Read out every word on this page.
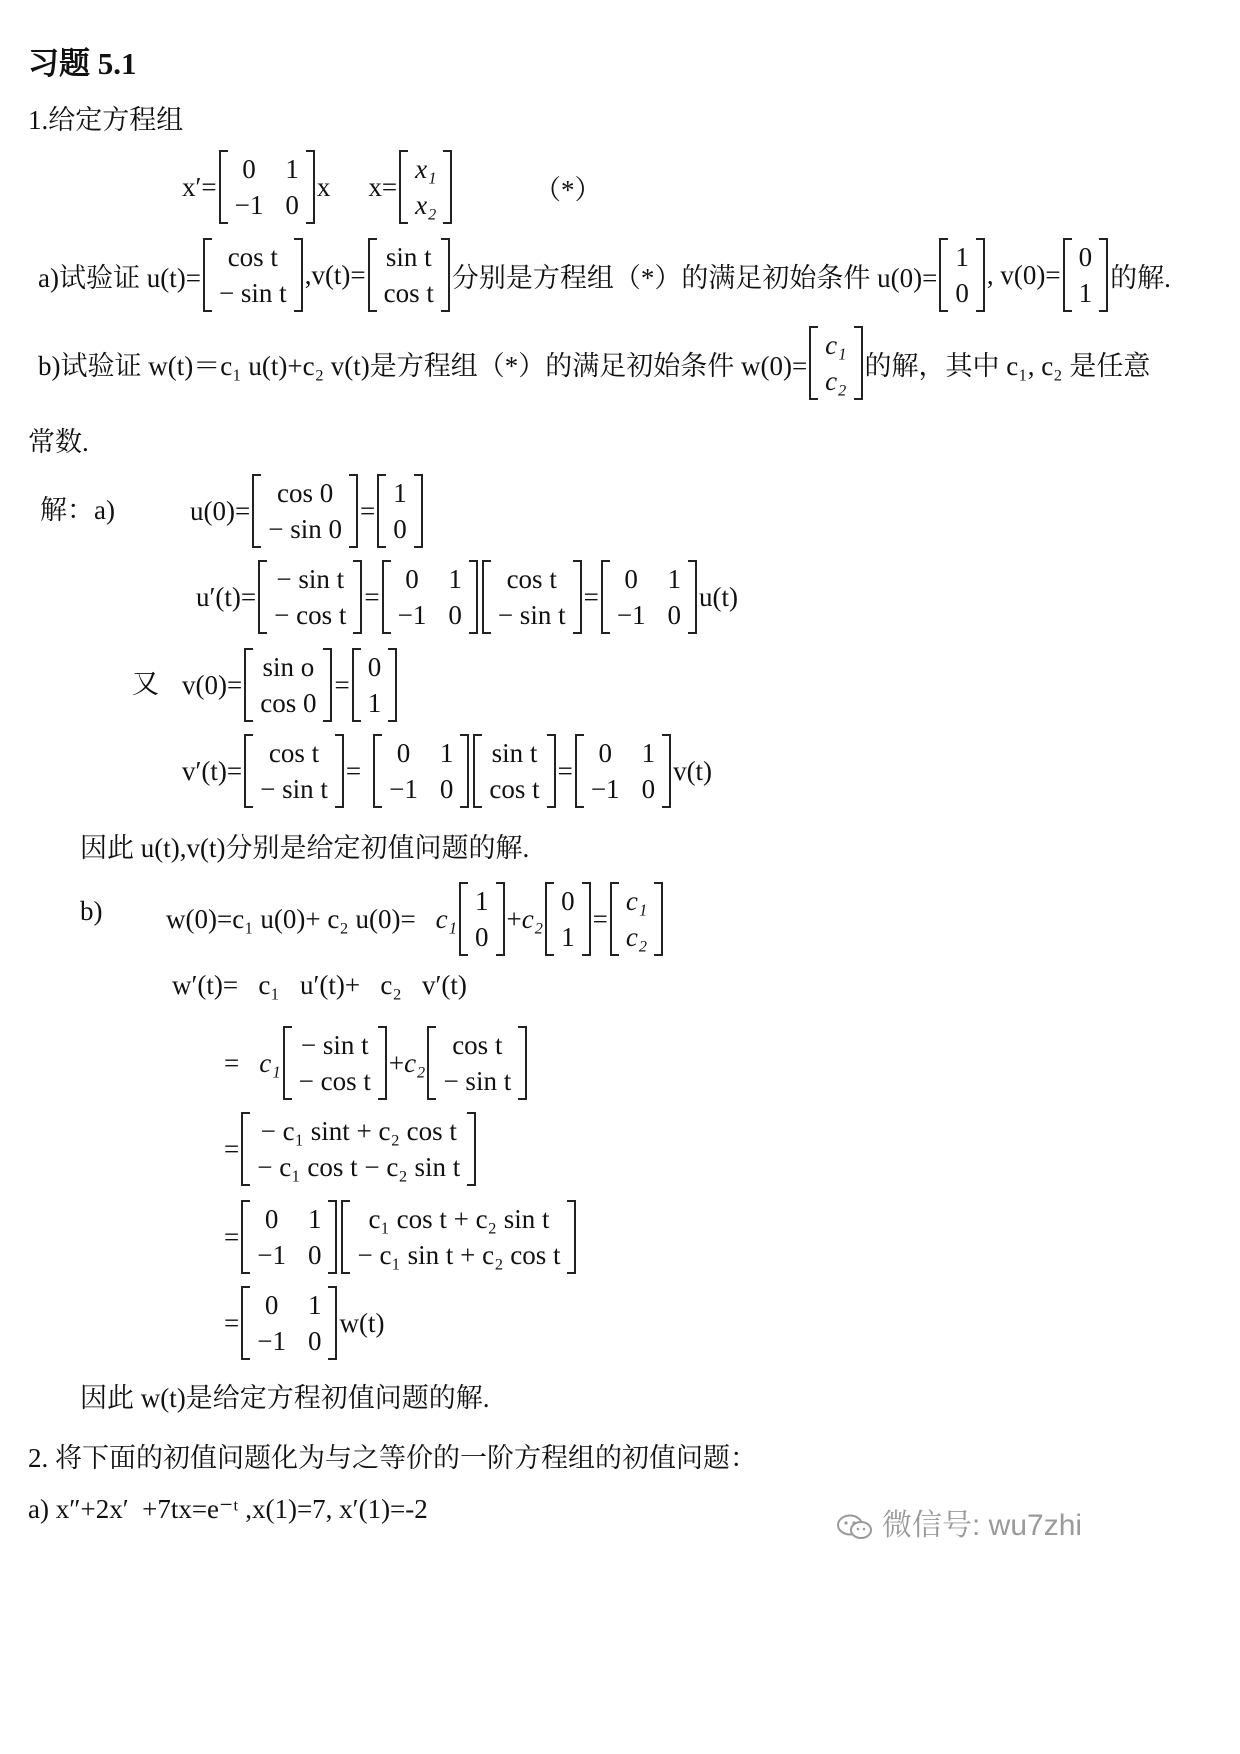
习题 5.1
1.给定方程组
x′=
0 1
−1 0
x x=
x₁
x₂	（*）
a)试验证 u(t)=
cos t
− sin t
,v(t)=
sin t
cos t
分别是方程组（*）的满足初始条件 u(0)=
1
0
, v(0)=
0
1
的解.
b)试验证 w(t)＝c₁ u(t)+c₂ v(t)是方程组（*）的满足初始条件 w(0)=
c₁
c₂
的解，其中 c₁, c₂ 是任意
常数.
解：a)	u(0)=
cos 0
− sin 0
=
1
0
u′(t)=
− sin t
− cos t
=
0 1
−1 0
cos t
− sin t
=
0 1
−1 0
u(t)
又 v(0)=
sin o
cos 0
=
0
1
v′(t)=
cos t
− sin t
=
0 1
−1 0
sin t
cos t
=
0 1
−1 0
v(t)
因此 u(t),v(t)分别是给定初值问题的解.
b) w(0)=c₁ u(0)+ c₂ u(0)= c₁
1
0
+ c₂
0
1
=
c₁
c₂
w′(t)=   c₁   u′(t)+   c₂   v′(t)
= c₁
− sin t
− cos t
+ c₂
cos t
− sin t
=
− c₁ sint + c₂ cos t
− c₁ cos t − c₂ sin t
=
0 1
−1 0
c₁ cos t + c₂ sin t
− c₁ sin t + c₂ cos t
=
0 1
−1 0
w(t)
因此 w(t)是给定方程初值问题的解.
2. 将下面的初值问题化为与之等价的一阶方程组的初值问题：
a) x″+2x′  +7tx=e⁻ᵗ ,x(1)=7, x′(1)=-2	微信号: wu7zhi
